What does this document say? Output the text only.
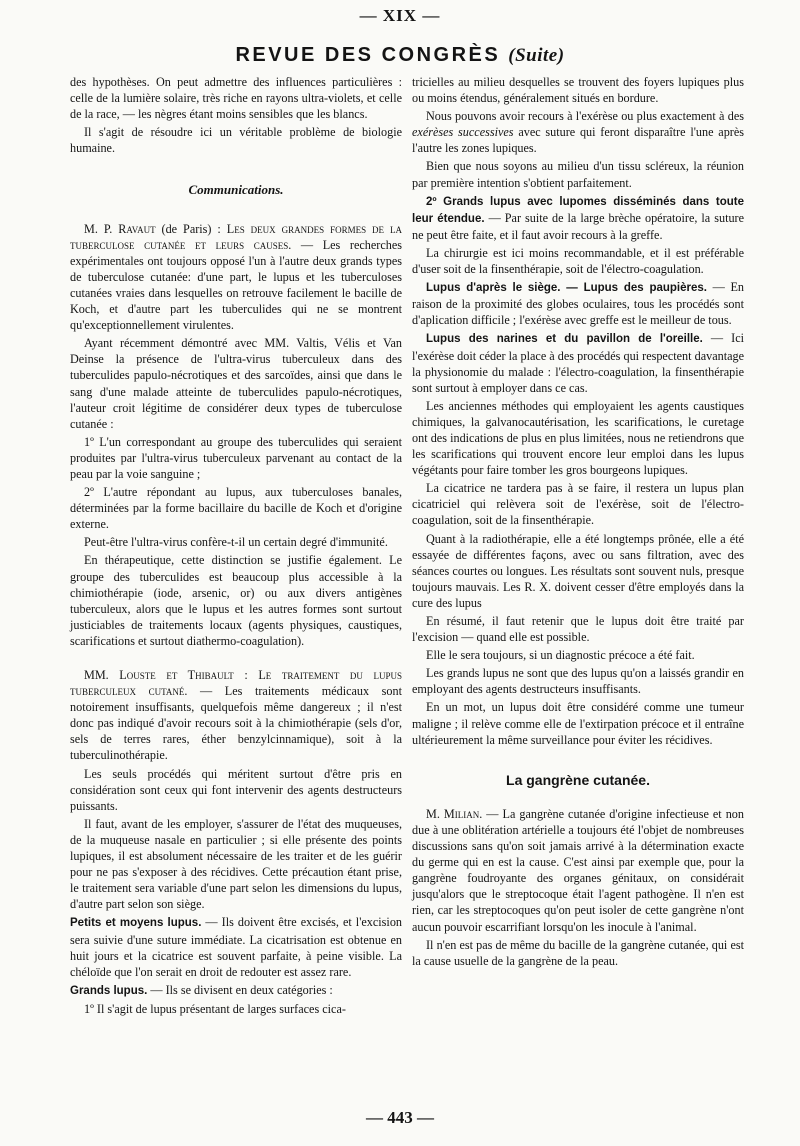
— XIX —
REVUE DES CONGRÈS (Suite)

des hypothèses. On peut admettre des influences particulières : celle de la lumière solaire, très riche en rayons ultra-violets, et celle de la race, — les nègres étant moins sensibles que les blancs.

Il s'agit de résoudre ici un véritable problème de biologie humaine.

Communications.

M. P. Ravaut (de Paris) : Les deux grandes formes de la tuberculose cutanée et leurs causes. — Les recherches expérimentales ont toujours opposé l'un à l'autre deux grands types de tuberculose cutanée: d'une part, le lupus et les tuberculoses cutanées vraies dans lesquelles on retrouve facilement le bacille de Koch, et d'autre part les tuberculides qui ne se montrent qu'exceptionnellement virulentes.

Ayant récemment démontré avec MM. Valtis, Vélis et Van Deinse la présence de l'ultra-virus tuberculeux dans des tuberculides papulo-nécrotiques et des sarcoïdes, ainsi que dans le sang d'une malade atteinte de tuberculides papulo-nécrotiques, l'auteur croit légitime de considérer deux types de tuberculose cutanée :

1º L'un correspondant au groupe des tuberculides qui seraient produites par l'ultra-virus tuberculeux parvenant au contact de la peau par la voie sanguine ;

2º L'autre répondant au lupus, aux tuberculoses banales, déterminées par la forme bacillaire du bacille de Koch et d'origine externe.

Peut-être l'ultra-virus confère-t-il un certain degré d'immunité.

En thérapeutique, cette distinction se justifie également. Le groupe des tuberculides est beaucoup plus accessible à la chimiothérapie (iode, arsenic, or) ou aux divers antigènes tuberculeux, alors que le lupus et les autres formes sont surtout justiciables de traitements locaux (agents physiques, caustiques, scarifications et surtout diathermo-coagulation).

MM. Louste et Thibault : Le traitement du lupus tuberculeux cutané. — Les traitements médicaux sont notoirement insuffisants, quelquefois même dangereux ; il n'est donc pas indiqué d'avoir recours soit à la chimiothérapie (sels d'or, sels de terres rares, éther benzylcinnamique), soit à la tuberculinothérapie.

Les seuls procédés qui méritent surtout d'être pris en considération sont ceux qui font intervenir des agents destructeurs puissants.

Il faut, avant de les employer, s'assurer de l'état des muqueuses, de la muqueuse nasale en particulier ; si elle présente des points lupiques, il est absolument nécessaire de les traiter et de les guérir pour ne pas s'exposer à des récidives. Cette précaution étant prise, le traitement sera variable d'une part selon les dimensions du lupus, d'autre part selon son siège.

Petits et moyens lupus. — Ils doivent être excisés, et l'excision sera suivie d'une suture immédiate. La cicatrisation est obtenue en huit jours et la cicatrice est souvent parfaite, à peine visible. La chéloïde que l'on serait en droit de redouter est assez rare.

Grands lupus. — Ils se divisent en deux catégories :

1º Il s'agit de lupus présentant de larges surfaces cica-

tricielles au milieu desquelles se trouvent des foyers lupiques plus ou moins étendus, généralement situés en bordure.

Nous pouvons avoir recours à l'exérèse ou plus exactement à des exérèses successives avec suture qui feront disparaître l'une après l'autre les zones lupiques.

Bien que nous soyons au milieu d'un tissu scléreux, la réunion par première intention s'obtient parfaitement.

2º Grands lupus avec lupomes disséminés dans toute leur étendue. — Par suite de la large brèche opératoire, la suture ne peut être faite, et il faut avoir recours à la greffe.

La chirurgie est ici moins recommandable, et il est préférable d'user soit de la finsenthérapie, soit de l'électro-coagulation.

Lupus d'après le siège. — Lupus des paupières. — En raison de la proximité des globes oculaires, tous les procédés sont d'aplication difficile ; l'exérèse avec greffe est le meilleur de tous.

Lupus des narines et du pavillon de l'oreille. — Ici l'exérèse doit céder la place à des procédés qui respectent davantage la physionomie du malade : l'électro-coagulation, la finsenthérapie sont surtout à employer dans ce cas.

Les anciennes méthodes qui employaient les agents caustiques chimiques, la galvanocautérisation, les scarifications, le curetage ont des indications de plus en plus limitées, nous ne retiendrons que les scarifications qui trouvent encore leur emploi dans les lupus végétants pour faire tomber les gros bourgeons lupiques.

La cicatrice ne tardera pas à se faire, il restera un lupus plan cicatriciel qui relèvera soit de l'exérèse, soit de l'électro-coagulation, soit de la finsenthérapie.

Quant à la radiothérapie, elle a été longtemps prônée, elle a été essayée de différentes façons, avec ou sans filtration, avec des séances courtes ou longues. Les résultats sont souvent nuls, presque toujours mauvais. Les R. X. doivent cesser d'être employés dans la cure des lupus

En résumé, il faut retenir que le lupus doit être traité par l'excision — quand elle est possible.

Elle le sera toujours, si un diagnostic précoce a été fait.

Les grands lupus ne sont que des lupus qu'on a laissés grandir en employant des agents destructeurs insuffisants.

En un mot, un lupus doit être considéré comme une tumeur maligne ; il relève comme elle de l'extirpation précoce et il entraîne ultérieurement la même surveillance pour éviter les récidives.

La gangrène cutanée.

M. Milian. — La gangrène cutanée d'origine infectieuse et non due à une oblitération artérielle a toujours été l'objet de nombreuses discussions sans qu'on soit jamais arrivé à la détermination exacte du germe qui en est la cause. C'est ainsi par exemple que, pour la gangrène foudroyante des organes génitaux, on considérait jusqu'alors que le streptocoque était l'agent pathogène. Il n'en est rien, car les streptocoques qu'on peut isoler de cette gangrène n'ont aucun pouvoir escarrifiant lorsqu'on les inocule à l'animal.

Il n'en est pas de même du bacille de la gangrène cutanée, qui est la cause usuelle de la gangrène de la peau.

— 443 —
